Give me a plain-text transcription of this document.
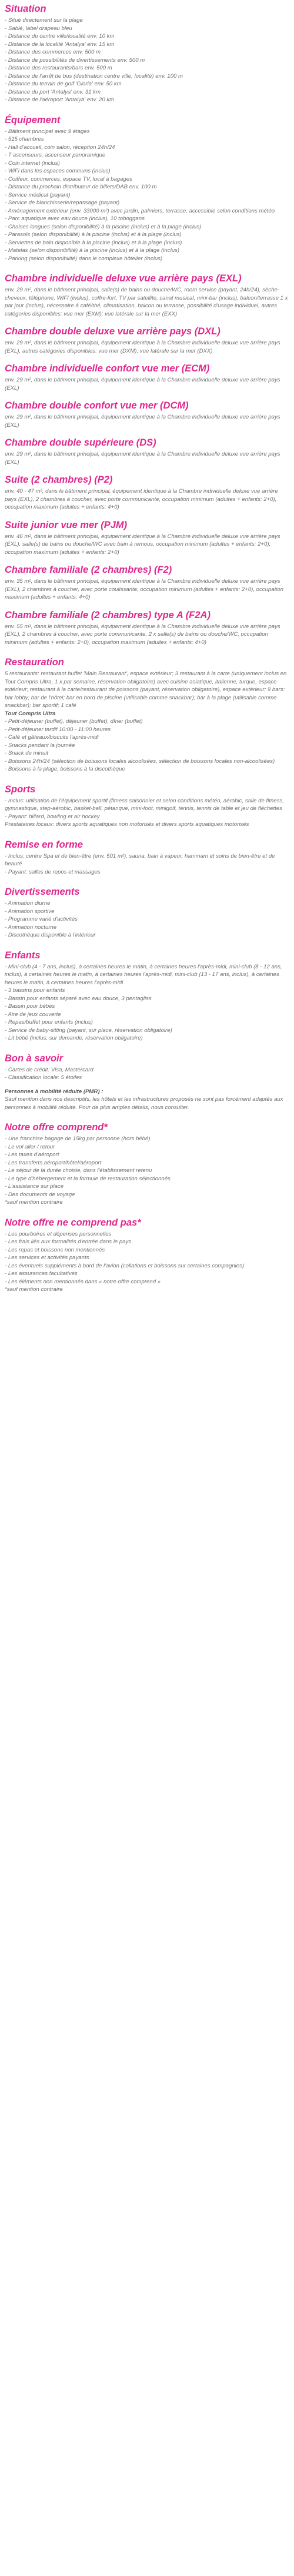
Situation
- Situé directement sur la plage
- Sablé, label drapeau bleu
- Distance du centre ville/localité env. 10 km
- Distance de la localité 'Antalya' env. 15 km
- Distance des commerces env. 500 m
- Distance de possibilités de divertissements env. 500 m
- Distance des restaurants/bars env. 500 m
- Distance de l'arrêt de bus (destination centre ville, localité) env. 100 m
- Distance du terrain de golf 'Gloria' env. 50 km
- Distance du port 'Antalya' env. 31 km
- Distance de l'aéroport 'Antalya' env. 20 km
Équipement
- Bâtiment principal avec 9 étages
- 515 chambres
- Hall d'accueil, coin salon, réception 24h/24
- 7 ascenseurs, ascenseur panoramique
- Coin internet (inclus)
- WiFi dans les espaces communs (inclus)
- Coiffeur, commerces, espace TV, local à bagages
- Distance du prochain distributeur de billets/DAB env. 100 m
- Service médical (payant)
- Service de blanchisserie/repassage (payant)
- Aménagement extérieur (env. 33000 m²) avec jardin, palmiers, terrasse, accessible selon conditions météo
- Parc aquatique avec eau douce (inclus), 10 toboggans
- Chaises longues (selon disponibilité) à la piscine (inclus) et à la plage (inclus)
- Parasols (selon disponibilité) à la piscine (inclus) et à la plage (inclus)
- Serviettes de bain disponible à la piscine (inclus) et à la plage (inclus)
- Matelas (selon disponibilité) à la piscine (inclus) et à la plage (inclus)
- Parking (selon disponibilité) dans le complexe hôtelier (inclus)
Chambre individuelle deluxe vue arrière pays (EXL)

env. 29 m², dans le bâtiment principal, salle(s) de bains ou douche/WC, room service (payant, 24h/24), sèche-cheveux, téléphone, WIFI (inclus), coffre-fort, TV par satellite, canal musical, mini-bar (inclus), balcon/terrasse 1 x par jour (inclus), nécessaire à café/thé, climatisation, balcon ou terrasse, possibilité d'usage individuel, autres catégories disponibles: vue mer (EXM); vue latérale sur la mer (EXX)

Chambre double deluxe vue arrière pays (DXL)

env. 29 m², dans le bâtiment principal, équipement identique à la Chambre individuelle deluxe vue arrière pays (EXL), autres catégories disponibles: vue mer (DXM), vue latérale sur la mer (DXX)

Chambre individuelle confort vue mer (ECM)

env. 29 m², dans le bâtiment principal, équipement identique à la Chambre individuelle deluxe vue arrière pays (EXL)

Chambre double confort vue mer (DCM)

env. 29 m², dans le bâtiment principal, équipement identique à la Chambre individuelle deluxe vue arrière pays (EXL)

Chambre double supérieure (DS)

env. 29 m², dans le bâtiment principal, équipement identique à la Chambre individuelle deluxe vue arrière pays (EXL)

Suite (2 chambres) (P2)

env. 40 - 47 m², dans le bâtiment principal, équipement identique à la Chambre individuelle deluxe vue arrière pays (EXL), 2 chambres à coucher, avec porte communicante, occupation minimum (adultes + enfants: 2+0), occupation maximum (adultes + enfants: 4+0)

Suite junior vue mer (PJM)

env. 46 m², dans le bâtiment principal, équipement identique à la Chambre individuelle deluxe vue arrière pays (EXL), salle(s) de bains ou douche/WC avec bain à remous, occupation minimum (adultes + enfants: 2+0), occupation maximum (adultes + enfants: 2+0)

Chambre familiale (2 chambres) (F2)

env. 35 m², dans le bâtiment principal, équipement identique à la Chambre individuelle deluxe vue arrière pays (EXL), 2 chambres à coucher, avec porte coulissante, occupation minimum (adultes + enfants: 2+0), occupation maximum (adultes + enfants: 4+0)

Chambre familiale (2 chambres) type A (F2A)

env. 55 m², dans le bâtiment principal, équipement identique à la Chambre individuelle deluxe vue arrière pays (EXL), 2 chambres à coucher, avec porte communicante, 2 x salle(s) de bains ou douche/WC, occupation minimum (adultes + enfants: 2+0), occupation maximum (adultes + enfants: 4+0)

Restauration

5 restaurants: restaurant buffet 'Main Restaurant', espace extérieur; 3 restaurant à la carte (uniquement inclus en Tout Compris Ultra, 1 x par semaine, réservation obligatoire) avec cuisine asiatique, italienne, turque, espace extérieur; restaurant à la carte/restaurant de poissons (payant, réservation obligatoire), espace extérieur; 9 bars: bar lobby; bar de l'hôtel; bar en bord de piscine (utilisable comme snackbar); bar à la plage (utilisable comme snackbar); bar sportif; 1 café

Tout Compris Ultra
- Petit-déjeuner (buffet), déjeuner (buffet), dîner (buffet)
- Petit-déjeuner tardif 10:00 - 11:00 heures
- Café et gâteaux/biscuits l'après-midi
- Snacks pendant la journée
- Snack de minuit
- Boissons 24h/24 (sélection de boissons locales alcoolisées, sélection de boissons locales non-alcoolisées)
- Boissons à la plage, boissons à la discothèque
Sports
- Inclus: utilisation de l'équipement sportif (fitness saisonnier et selon conditions météo, aérobic, salle de fitness, gymnastique, step-aérobic, basket-ball, pétanque, mini-foot, minigolf, tennis, tennis de table et jeu de fléchettes
- Payant: billard, bowling et air hockey

Prestataires locaux: divers sports aquatiques non motorisés et divers sports aquatiques motorisés

Remise en forme
- Inclus: centre Spa et de bien-être (env. 501 m²), sauna, bain à vapeur, hammam et soins de bien-être et de beauté
- Payant: salles de repos et massages
Divertissements
- Animation diurne
- Animation sportive
- Programme varié d'activités
- Animation nocturne
- Discothèque disponible à l'intérieur
Enfants
- Mini-club (4 - 7 ans, inclus), à certaines heures le matin, à certaines heures l'après-midi, mini-club (8 - 12 ans, inclus), à certaines heures le matin, à certaines heures l'après-midi, mini-club (13 - 17 ans, inclus), à certaines heures le matin, à certaines heures l'après-midi
- 3 bassins pour enfants
- Bassin pour enfants séparé avec eau douce, 3 pentagliss
- Bassin pour bébés
- Aire de jeux couverte
- Repas/buffet pour enfants (inclus)
- Service de baby-sitting (payant, sur place, réservation obligatoire)
- Lit bébé (inclus, sur demande, réservation obligatoire)
Bon à savoir
- Cartes de crédit: Visa, Mastercard
- Classification locale: 5 étoiles
Personnes à mobilité réduite (PMR) :

Sauf mention dans nos descriptifs, les hôtels et les infrastructures proposés ne sont pas forcément adaptés aux personnes à mobilité réduite. Pour de plus amples détails, nous consulter.

Notre offre comprend*
- Une franchise bagage de 15kg par personne (hors bébé)
- Le vol aller / retour
- Les taxes d'aéroport
- Les transferts aéroport/hôtel/aéroport
- Le séjour de la durée choisie, dans l'établissement retenu
- Le type d'hébergement et la formule de restauration sélectionnés
- L'assistance sur place
- Des documents de voyage

*sauf mention contraire

Notre offre ne comprend pas*
- Les pourboires et dépenses personnelles
- Les frais liés aux formalités d'entrée dans le pays
- Les repas et boissons non mentionnés
- Les services et activités payants
- Les éventuels suppléments à bord de l'avion (collations et boissons sur certaines compagnies)
- Les assurances facultatives
- Les éléments non mentionnés dans « notre offre comprend »

*sauf mention contraire
